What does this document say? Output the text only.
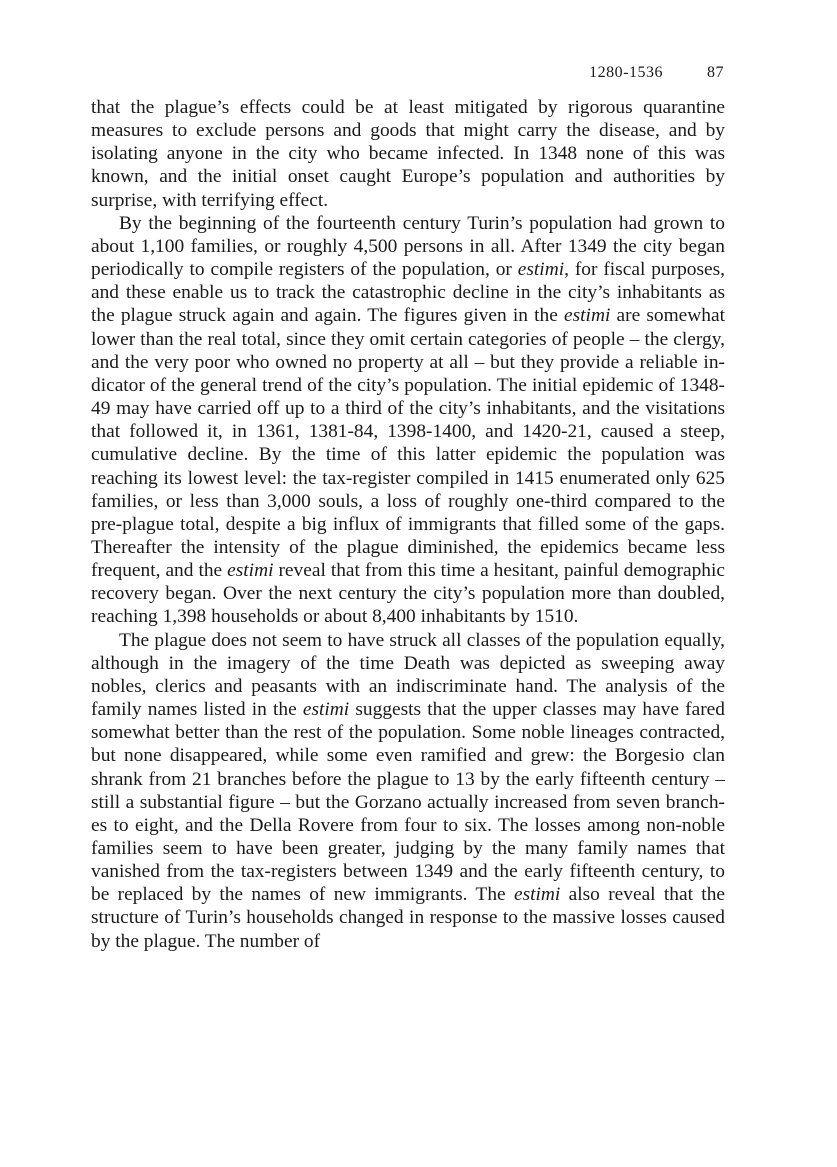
1280-1536	87

that the plague’s effects could be at least mitigated by rigorous quarantine measures to exclude persons and goods that might carry the disease, and by isolating anyone in the city who became infected. In 1348 none of this was known, and the initial onset caught Europe’s population and authorities by surprise, with terrifying effect.

By the beginning of the fourteenth century Turin’s population had grown to about 1,100 families, or roughly 4,500 persons in all. After 1349 the city began periodically to compile registers of the population, or estimi, for fiscal purposes, and these enable us to track the catastrophic decline in the city’s inhabitants as the plague struck again and again. The figures given in the estimi are somewhat lower than the real total, since they omit certain categories of people – the clergy, and the very poor who owned no property at all – but they provide a reliable indicator of the general trend of the city’s population. The initial epidemic of 1348-49 may have carried off up to a third of the city’s inhabitants, and the visitations that followed it, in 1361, 1381-84, 1398-1400, and 1420-21, caused a steep, cumulative decline. By the time of this latter epidemic the population was reaching its lowest level: the tax-register compiled in 1415 enumerated only 625 families, or less than 3,000 souls, a loss of roughly one-third compared to the pre-plague total, despite a big influx of immigrants that filled some of the gaps. Thereafter the intensity of the plague diminished, the epidemics became less frequent, and the estimi reveal that from this time a hesitant, painful demographic recovery began. Over the next century the city’s population more than doubled, reaching 1,398 households or about 8,400 inhabitants by 1510.

The plague does not seem to have struck all classes of the population equally, although in the imagery of the time Death was depicted as sweeping away nobles, clerics and peasants with an indiscriminate hand. The analysis of the family names listed in the estimi suggests that the upper classes may have fared somewhat better than the rest of the population. Some noble lineages contracted, but none disappeared, while some even ramified and grew: the Borgesio clan shrank from 21 branches before the plague to 13 by the early fifteenth century – still a substantial figure – but the Gorzano actually increased from seven branches to eight, and the Della Rovere from four to six. The losses among non-noble families seem to have been greater, judging by the many family names that vanished from the tax-registers between 1349 and the early fifteenth century, to be replaced by the names of new immigrants. The estimi also reveal that the structure of Turin’s households changed in response to the massive losses caused by the plague. The number of
